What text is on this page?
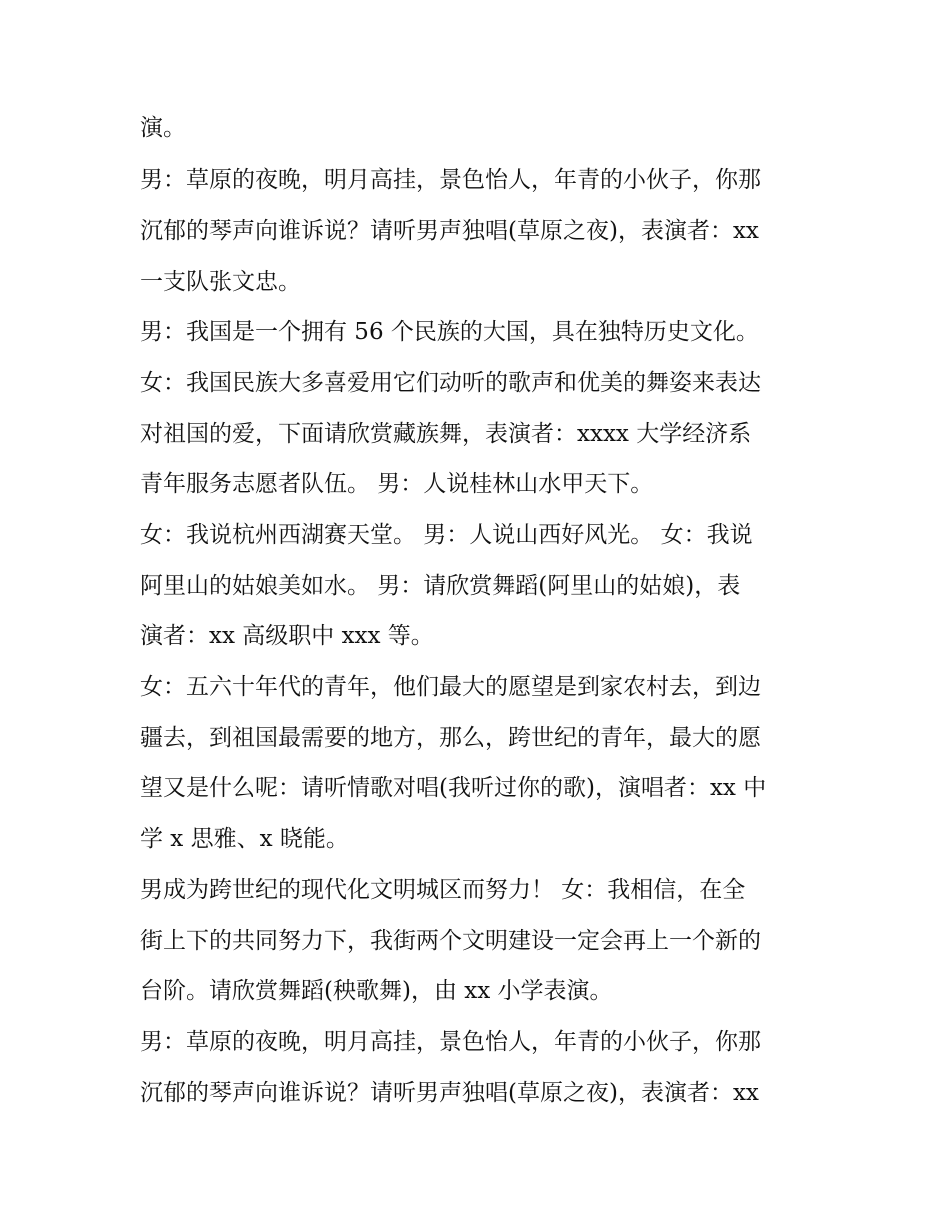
演。
男：草原的夜晚，明月高挂，景色怡人，年青的小伙子，你那
沉郁的琴声向谁诉说？请听男声独唱(草原之夜)，表演者：xx
一支队张文忠。
男：我国是一个拥有 56 个民族的大国，具在独特历史文化。
女：我国民族大多喜爱用它们动听的歌声和优美的舞姿来表达
对祖国的爱，下面请欣赏藏族舞，表演者：xxxx 大学经济系
青年服务志愿者队伍。 男：人说桂林山水甲天下。
女：我说杭州西湖赛天堂。 男：人说山西好风光。 女：我说
阿里山的姑娘美如水。 男：请欣赏舞蹈(阿里山的姑娘)，表
演者：xx 高级职中 xxx 等。
女：五六十年代的青年，他们最大的愿望是到家农村去，到边
疆去，到祖国最需要的地方，那么，跨世纪的青年，最大的愿
望又是什么呢：请听情歌对唱(我听过你的歌)，演唱者：xx 中
学 x 思雅、x 晓能。
男成为跨世纪的现代化文明城区而努力！ 女：我相信，在全
街上下的共同努力下，我街两个文明建设一定会再上一个新的
台阶。请欣赏舞蹈(秧歌舞)，由 xx 小学表演。
男：草原的夜晚，明月高挂，景色怡人，年青的小伙子，你那
沉郁的琴声向谁诉说？请听男声独唱(草原之夜)，表演者：xx
